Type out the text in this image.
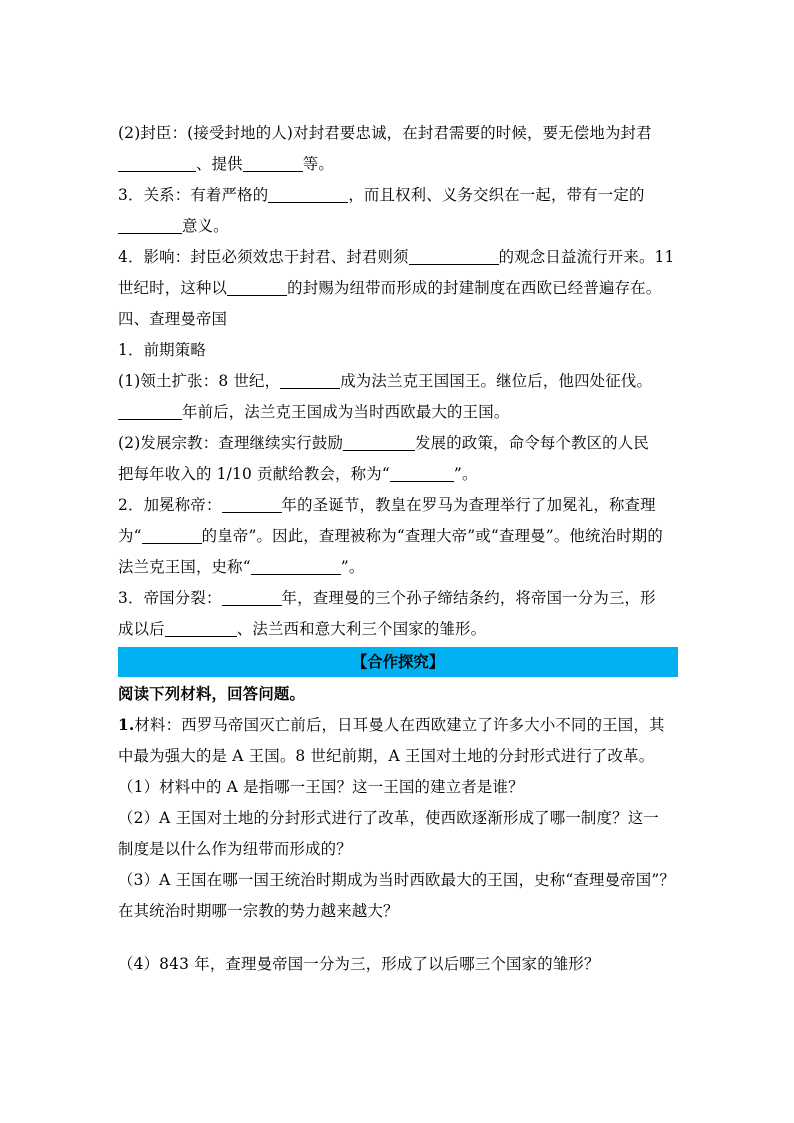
(2)封臣：(接受封地的人)对封君要忠诚，在封君需要的时候，要无偿地为封君
、提供	等。
3．关系：有着严格的	，而且权利、义务交织在一起，带有一定的
意义。
4．影响：封臣必须效忠于封君、封君则须	的观念日益流行开来。11
世纪时，这种以	的封赐为纽带而形成的封建制度在西欧已经普遍存在。
四、查理曼帝国
1．前期策略
(1)领土扩张：8 世纪，	成为法兰克王国国王。继位后，他四处征伐。
年前后，法兰克王国成为当时西欧最大的王国。
(2)发展宗教：查理继续实行鼓励	发展的政策，命令每个教区的人民
把每年收入的 1/10 贡献给教会，称为“	”。
2．加冕称帝：	年的圣诞节，教皇在罗马为查理举行了加冕礼，称查理
为“	的皇帝”。因此，查理被称为“查理大帝”或“查理曼”。他统治时期的
法兰克王国，史称“	”。
3．帝国分裂：	年，查理曼的三个孙子缔结条约，将帝国一分为三，形
成以后	、法兰西和意大利三个国家的雏形。
【合作探究】
阅读下列材料，回答问题。
1.材料：西罗马帝国灭亡前后，日耳曼人在西欧建立了许多大小不同的王国，其
中最为强大的是 A 王国。8 世纪前期，A 王国对土地的分封形式进行了改革。
（1）材料中的 A 是指哪一王国？这一王国的建立者是谁？
（2）A 王国对土地的分封形式进行了改革，使西欧逐渐形成了哪一制度？这一
制度是以什么作为纽带而形成的？
（3）A 王国在哪一国王统治时期成为当时西欧最大的王国，史称“查理曼帝国”？
在其统治时期哪一宗教的势力越来越大？
（4）843 年，查理曼帝国一分为三，形成了以后哪三个国家的雏形？
